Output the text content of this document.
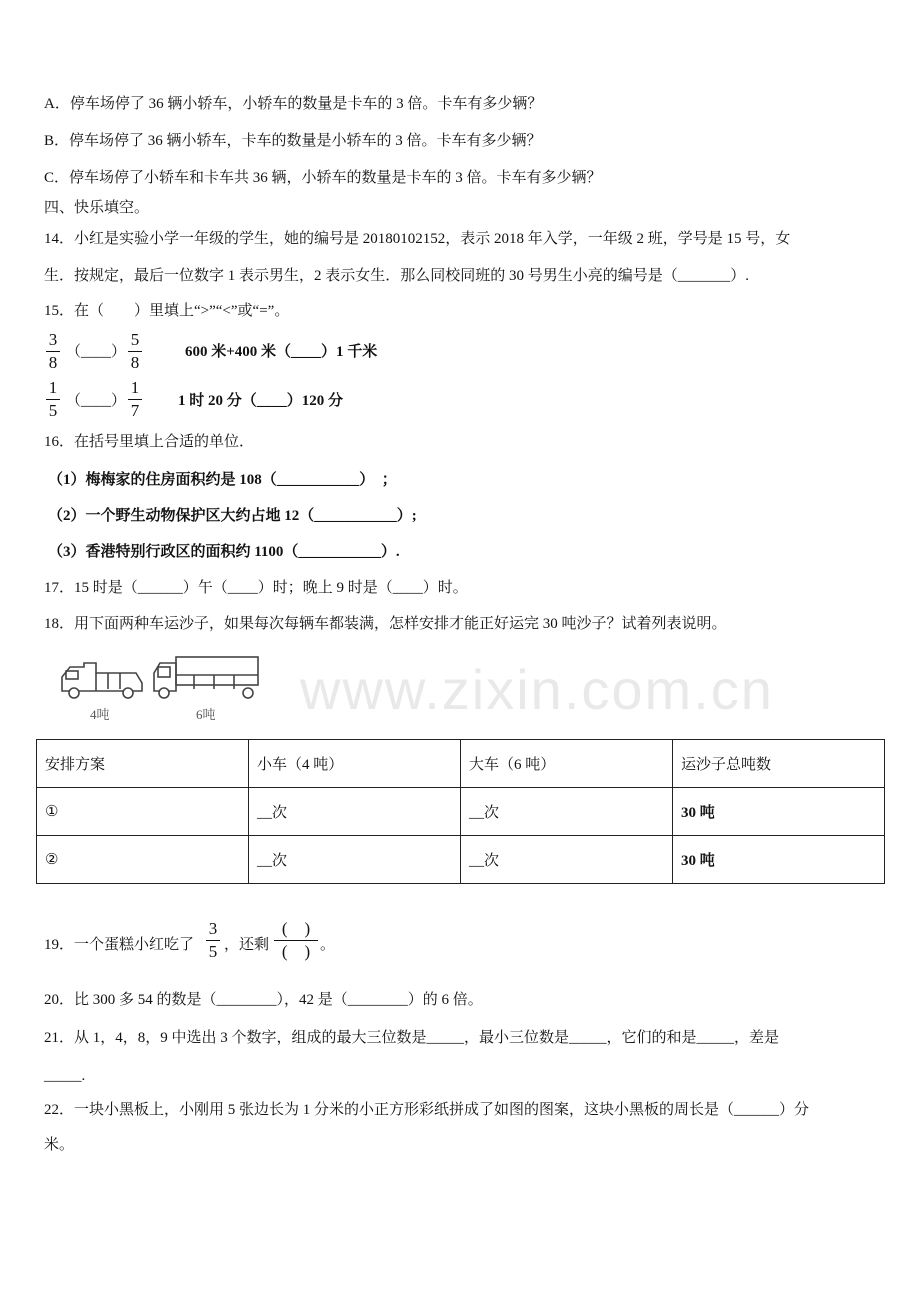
www.zixin.com.cn
A．停车场停了 36 辆小轿车，小轿车的数量是卡车的 3 倍。卡车有多少辆？
B．停车场停了 36 辆小轿车，卡车的数量是小轿车的 3 倍。卡车有多少辆？
C．停车场停了小轿车和卡车共 36 辆，小轿车的数量是卡车的 3 倍。卡车有多少辆？
四、快乐填空。
14．小红是实验小学一年级的学生，她的编号是 20180102152，表示 2018 年入学，一年级 2 班，学号是 15 号，女
生．按规定，最后一位数字 1 表示男生，2 表示女生．那么同校同班的 30 号男生小亮的编号是（_______）.
15．在（　　）里填上“>”“<”或“=”。
3
8
（____）
5
8
600 米+400 米（____）1 千米
1
5 （____）
1
7	1 时 20 分（____）120 分
16．在括号里填上合适的单位．
（1）梅梅家的住房面积约是 108（___________）　；
（2）一个野生动物保护区大约占地 12（___________）;
（3）香港特别行政区的面积约 1100（___________）.
17．15 时是（______）午（____）时；晚上 9 时是（____）时。
18．用下面两种车运沙子，如果每次每辆车都装满，怎样安排才能正好运完 30 吨沙子？试着列表说明。
4吨	6吨
安排方案	小车（4 吨）	大车（6 吨）	运沙子总吨数
①	__次	__次	30 吨
②	__次	__次	30 吨
19．一个蛋糕小红吃了
3
5 ，还剩
(　)
(　) 。
20．比 300 多 54 的数是（________），42 是（________）的 6 倍。
21．从 1，4，8，9 中选出 3 个数字，组成的最大三位数是_____，最小三位数是_____，它们的和是_____，差是
_____.
22．一块小黑板上，小刚用 5 张边长为 1 分米的小正方形彩纸拼成了如图的图案，这块小黑板的周长是（______）分
米。
